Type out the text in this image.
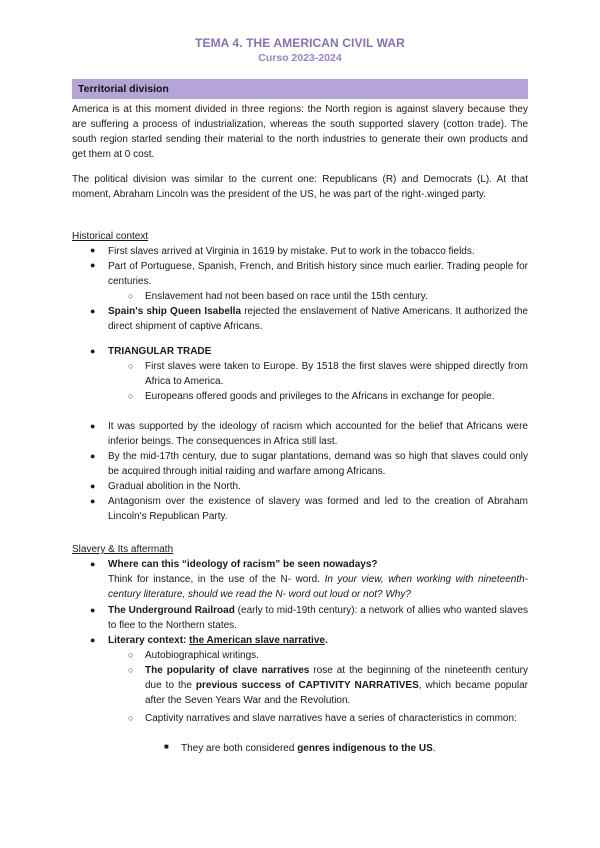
TEMA 4. THE AMERICAN CIVIL WAR
Curso 2023-2024
Territorial division
America is at this moment divided in three regions: the North region is against slavery because they are suffering a process of industrialization, whereas the south supported slavery (cotton trade). The south region started sending their material to the north industries to generate their own products and get them at 0 cost.
The political division was similar to the current one: Republicans (R) and Democrats (L). At that moment, Abraham Lincoln was the president of the US, he was part of the right-.winged party.
Historical context
● First slaves arrived at Virginia in 1619 by mistake. Put to work in the tobacco fields.
● Part of Portuguese, Spanish, French, and British history since much earlier. Trading people for centuries.
○ Enslavement had not been based on race until the 15th century.
● Spain's ship Queen Isabella rejected the enslavement of Native Americans. It authorized the direct shipment of captive Africans.
● TRIANGULAR TRADE
○ First slaves were taken to Europe. By 1518 the first slaves were shipped directly from Africa to America.
○ Europeans offered goods and privileges to the Africans in exchange for people.
● It was supported by the ideology of racism which accounted for the belief that Africans were inferior beings. The consequences in Africa still last.
● By the mid-17th century, due to sugar plantations, demand was so high that slaves could only be acquired through initial raiding and warfare among Africans.
● Gradual abolition in the North.
● Antagonism over the existence of slavery was formed and led to the creation of Abraham Lincoln's Republican Party.
Slavery & Its aftermath
● Where can this “ideology of racism” be seen nowadays?
Think for instance, in the use of the N- word. In your view, when working with nineteenth-century literature, should we read the N- word out loud or not? Why?
● The Underground Railroad (early to mid-19th century): a network of allies who wanted slaves to flee to the Northern states.
● Literary context: the American slave narrative.
○ Autobiographical writings.
○ The popularity of clave narratives rose at the beginning of the nineteenth century due to the previous success of CAPTIVITY NARRATIVES, which became popular after the Seven Years War and the Revolution.
○ Captivity narratives and slave narratives have a series of characteristics in common:
■ They are both considered genres indigenous to the US.
